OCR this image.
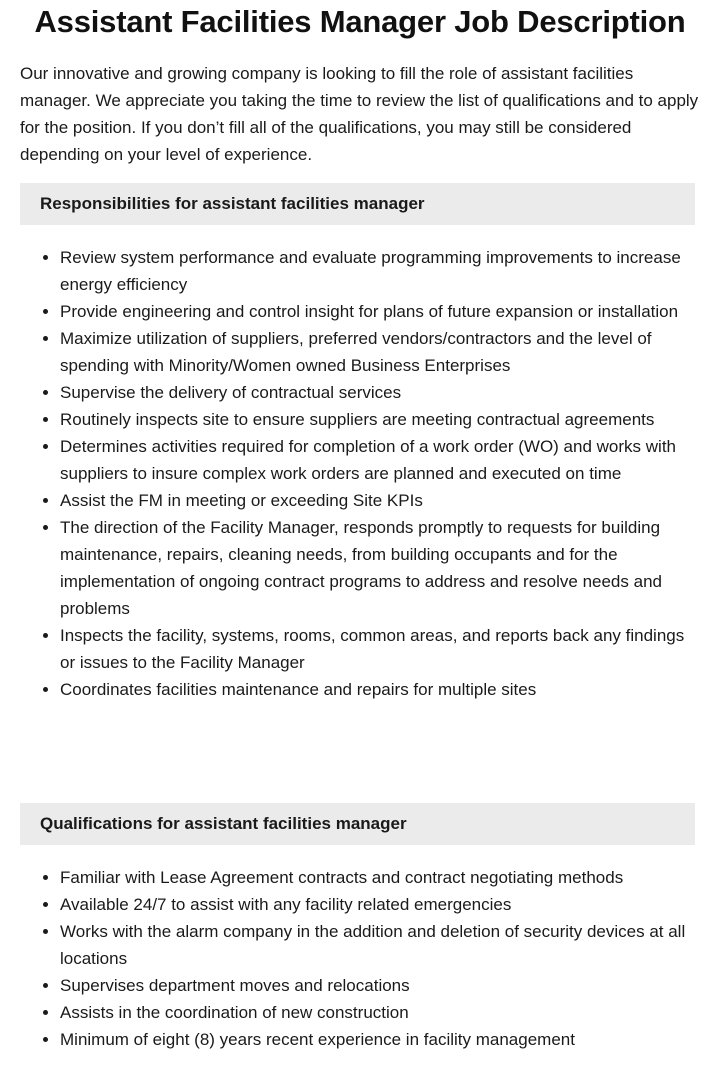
Assistant Facilities Manager Job Description

Our innovative and growing company is looking to fill the role of assistant facilities manager. We appreciate you taking the time to review the list of qualifications and to apply for the position. If you don’t fill all of the qualifications, you may still be considered depending on your level of experience.

Responsibilities for assistant facilities manager
• Review system performance and evaluate programming improvements to increase energy efficiency
• Provide engineering and control insight for plans of future expansion or installation
• Maximize utilization of suppliers, preferred vendors/contractors and the level of spending with Minority/Women owned Business Enterprises
• Supervise the delivery of contractual services
• Routinely inspects site to ensure suppliers are meeting contractual agreements
• Determines activities required for completion of a work order (WO) and works with suppliers to insure complex work orders are planned and executed on time
• Assist the FM in meeting or exceeding Site KPIs
• The direction of the Facility Manager, responds promptly to requests for building maintenance, repairs, cleaning needs, from building occupants and for the implementation of ongoing contract programs to address and resolve needs and problems
• Inspects the facility, systems, rooms, common areas, and reports back any findings or issues to the Facility Manager
• Coordinates facilities maintenance and repairs for multiple sites
Qualifications for assistant facilities manager
• Familiar with Lease Agreement contracts and contract negotiating methods
• Available 24/7 to assist with any facility related emergencies
• Works with the alarm company in the addition and deletion of security devices at all locations
• Supervises department moves and relocations
• Assists in the coordination of new construction
• Minimum of eight (8) years recent experience in facility management
